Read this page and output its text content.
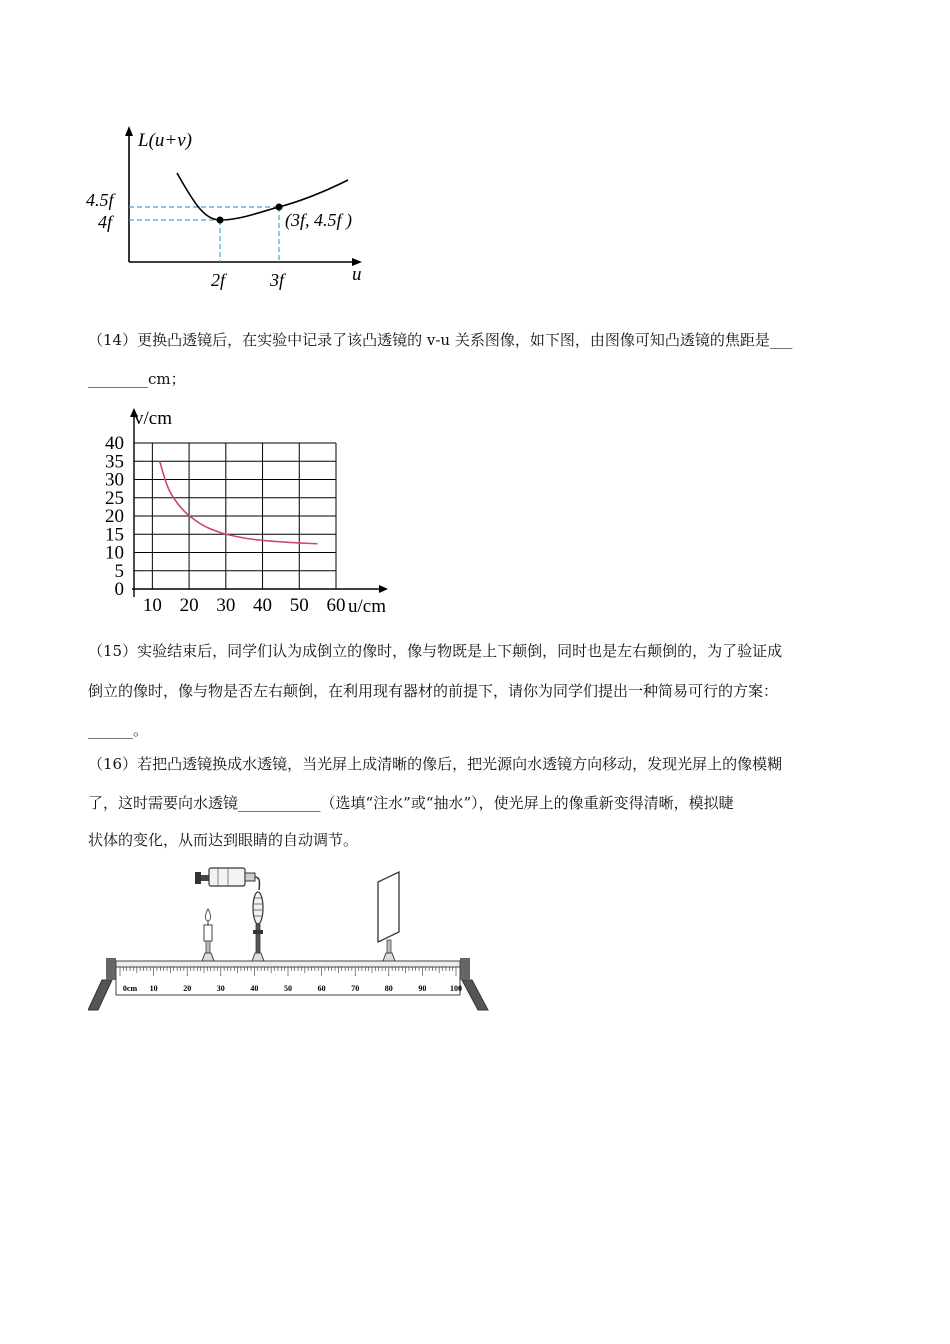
L(u+v)
u
4.5f
4f
2f 3f
(3f, 4.5f )
（14）更换凸透镜后，在实验中记录了该凸透镜的 v-u 关系图像，如下图，由图像可知凸透镜的焦距是___
________cm；
40
35
30
25
20
15
10
5
0
10 20 30 40 50 60
v/cm
u/cm
（15）实验结束后，同学们认为成倒立的像时，像与物既是上下颠倒，同时也是左右颠倒的，为了验证成
倒立的像时，像与物是否左右颠倒，在利用现有器材的前提下，请你为同学们提出一种简易可行的方案：
______。
（16）若把凸透镜换成水透镜，当光屏上成清晰的像后，把光源向水透镜方向移动，发现光屏上的像模糊
了，这时需要向水透镜___________（选填“注水”或“抽水”），使光屏上的像重新变得清晰，模拟睫
状体的变化，从而达到眼睛的自动调节。
0cm 10	20	30	40	50	60	70	80	90	100
